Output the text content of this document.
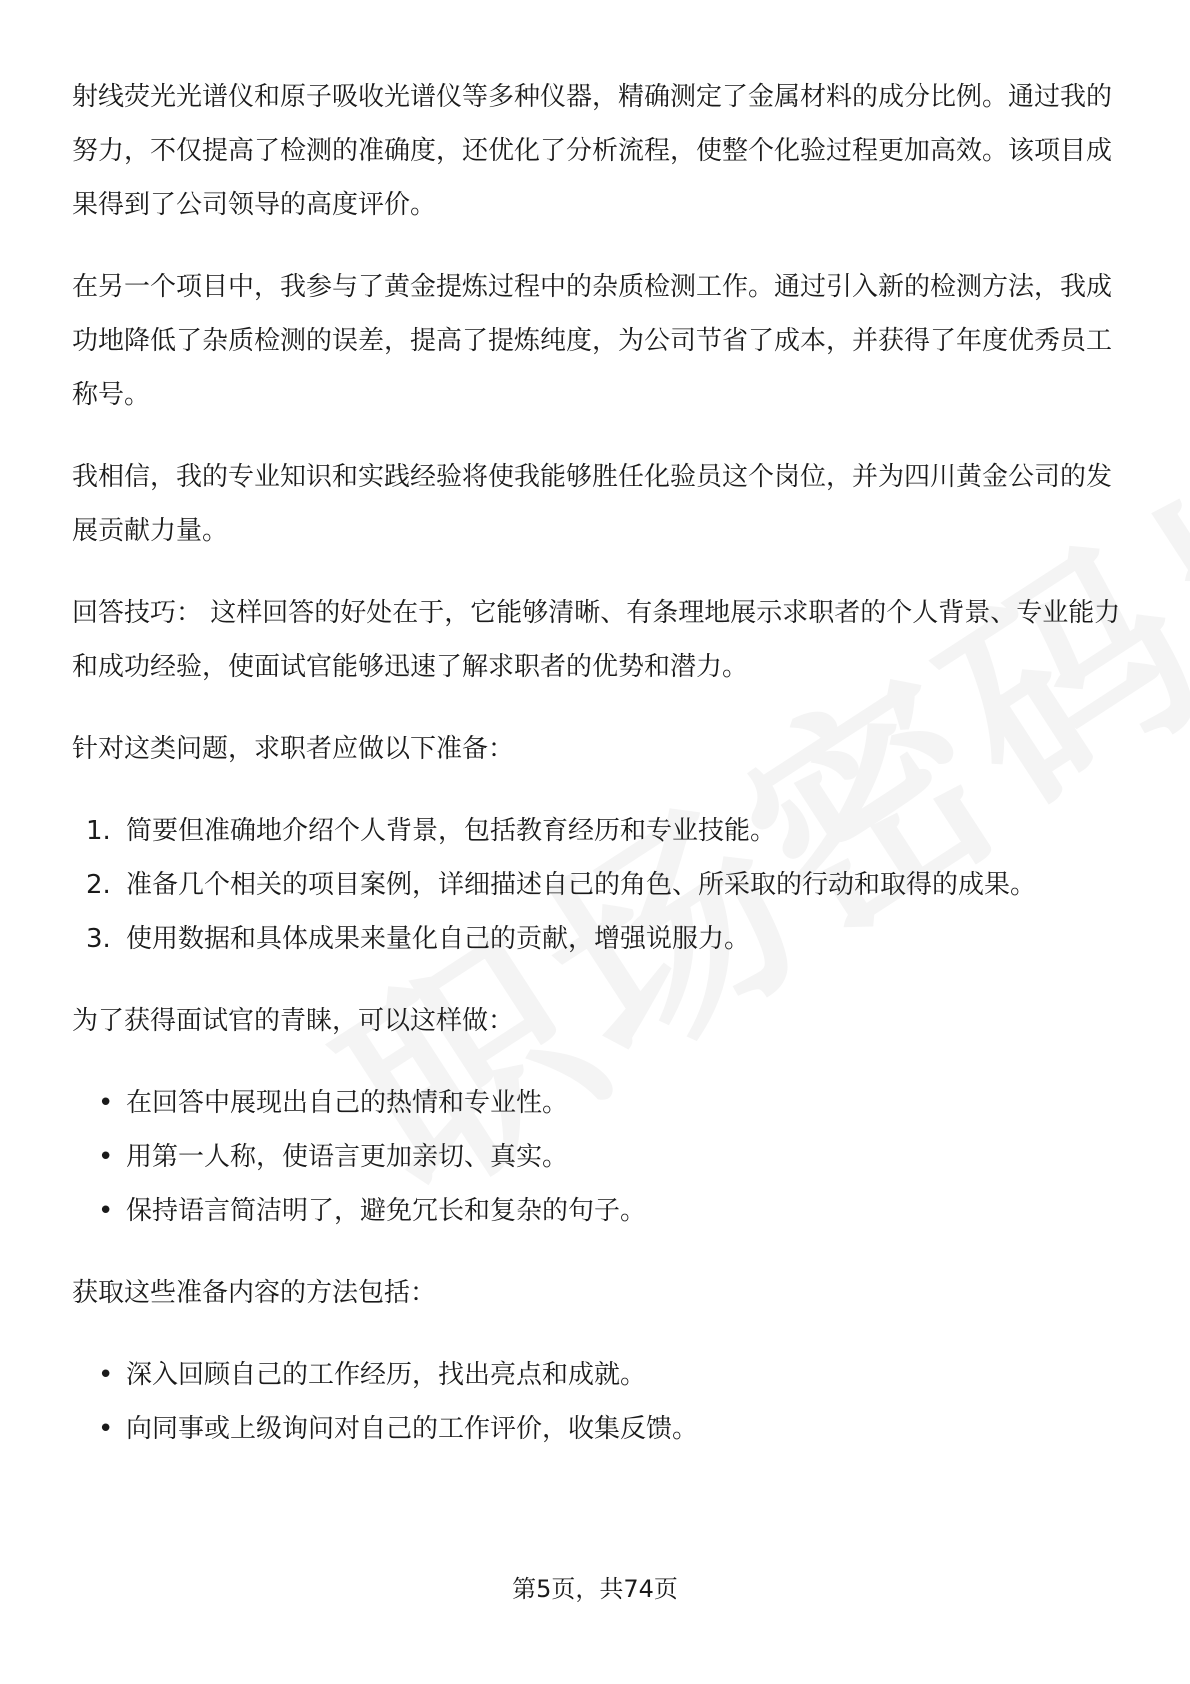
射线荧光光谱仪和原子吸收光谱仪等多种仪器，精确测定了金属材料的成分比例。通过我的努力，不仅提高了检测的准确度，还优化了分析流程，使整个化验过程更加高效。该项目成果得到了公司领导的高度评价。

在另一个项目中，我参与了黄金提炼过程中的杂质检测工作。通过引入新的检测方法，我成功地降低了杂质检测的误差，提高了提炼纯度，为公司节省了成本，并获得了年度优秀员工称号。

我相信，我的专业知识和实践经验将使我能够胜任化验员这个岗位，并为四川黄金公司的发展贡献力量。

回答技巧： 这样回答的好处在于，它能够清晰、有条理地展示求职者的个人背景、专业能力和成功经验，使面试官能够迅速了解求职者的优势和潜力。

针对这类问题，求职者应做以下准备：

1. 简要但准确地介绍个人背景，包括教育经历和专业技能。
2. 准备几个相关的项目案例，详细描述自己的角色、所采取的行动和取得的成果。
3. 使用数据和具体成果来量化自己的贡献，增强说服力。

为了获得面试官的青睐，可以这样做：

• 在回答中展现出自己的热情和专业性。
• 用第一人称，使语言更加亲切、真实。
• 保持语言简洁明了，避免冗长和复杂的句子。

获取这些准备内容的方法包括：

• 深入回顾自己的工作经历，找出亮点和成就。
• 向同事或上级询问对自己的工作评价，收集反馈。
第5页，共74页
